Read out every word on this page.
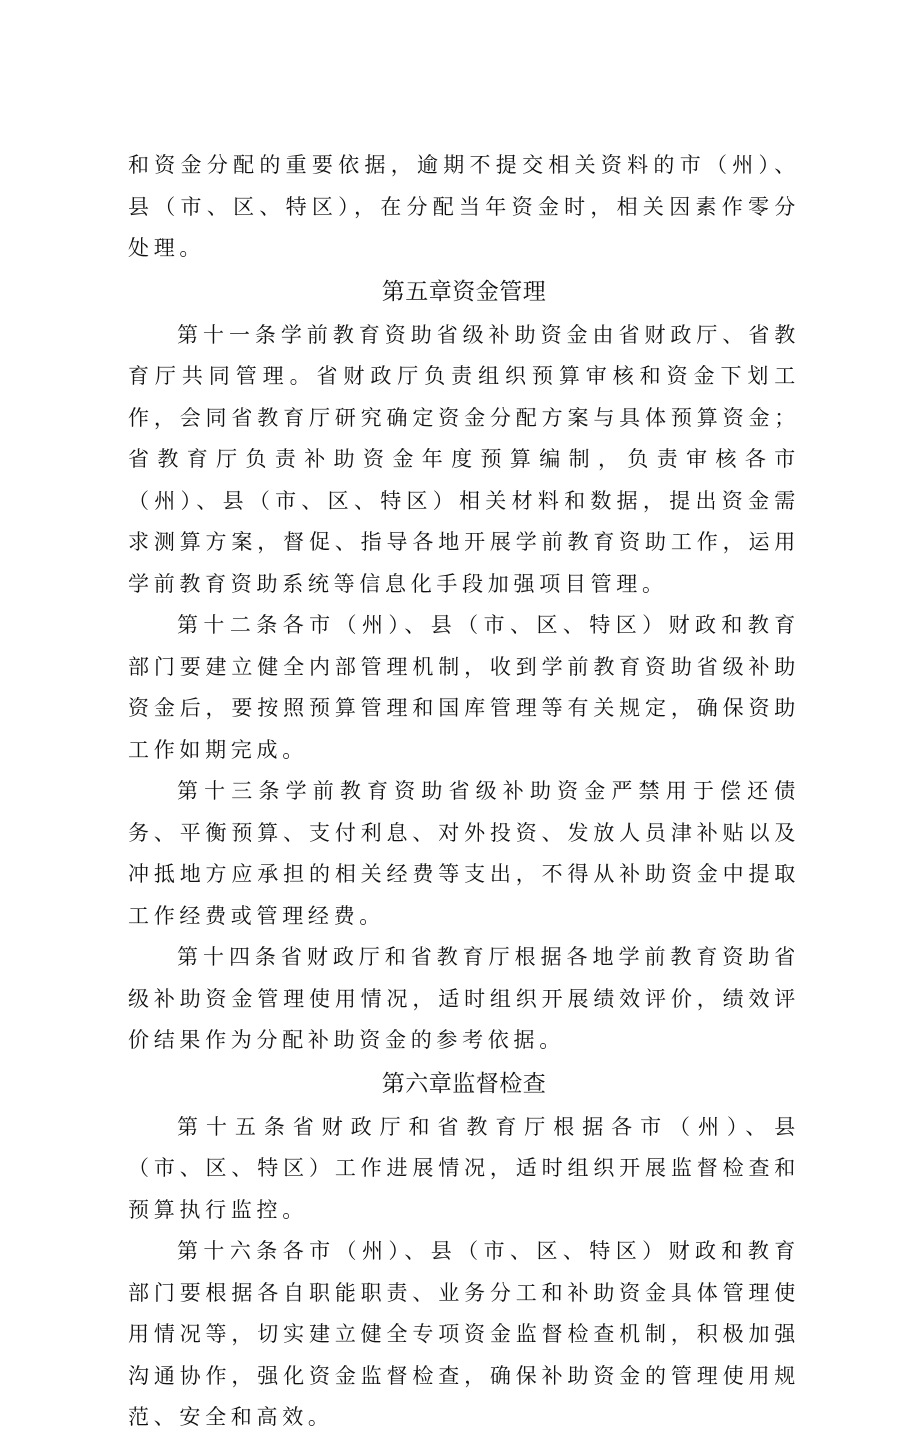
和资金分配的重要依据，逾期不提交相关资料的市（州）、县（市、区、特区），在分配当年资金时，相关因素作零分处理。

第五章资金管理

第十一条学前教育资助省级补助资金由省财政厅、省教育厅共同管理。省财政厅负责组织预算审核和资金下划工作，会同省教育厅研究确定资金分配方案与具体预算资金；省教育厅负责补助资金年度预算编制，负责审核各市（州）、县（市、区、特区）相关材料和数据，提出资金需求测算方案，督促、指导各地开展学前教育资助工作，运用学前教育资助系统等信息化手段加强项目管理。

第十二条各市（州）、县（市、区、特区）财政和教育部门要建立健全内部管理机制，收到学前教育资助省级补助资金后，要按照预算管理和国库管理等有关规定，确保资助工作如期完成。

第十三条学前教育资助省级补助资金严禁用于偿还债务、平衡预算、支付利息、对外投资、发放人员津补贴以及冲抵地方应承担的相关经费等支出，不得从补助资金中提取工作经费或管理经费。

第十四条省财政厅和省教育厅根据各地学前教育资助省级补助资金管理使用情况，适时组织开展绩效评价，绩效评价结果作为分配补助资金的参考依据。

第六章监督检查

第十五条省财政厅和省教育厅根据各市（州）、县（市、区、特区）工作进展情况，适时组织开展监督检查和预算执行监控。

第十六条各市（州）、县（市、区、特区）财政和教育部门要根据各自职能职责、业务分工和补助资金具体管理使用情况等，切实建立健全专项资金监督检查机制，积极加强沟通协作，强化资金监督检查，确保补助资金的管理使用规范、安全和高效。
